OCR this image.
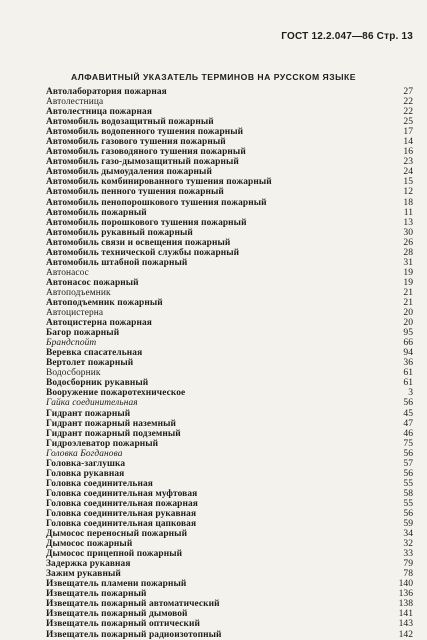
ГОСТ 12.2.047—86 Стр. 13
АЛФАВИТНЫЙ УКАЗАТЕЛЬ ТЕРМИНОВ НА РУССКОМ ЯЗЫКЕ
Автолаборатория пожарная	27
Автолестница	22
Автолестница пожарная	22
Автомобиль водозащитный пожарный	25
Автомобиль водопенного тушения пожарный	17
Автомобиль газового тушения пожарный	14
Автомобиль газоводяного тушения пожарный	16
Автомобиль газо-дымозащитный пожарный	23
Автомобиль дымоудаления пожарный	24
Автомобиль комбинированного тушения пожарный	15
Автомобиль пенного тушения пожарный	12
Автомобиль пенопорошкового тушения пожарный	18
Автомобиль пожарный	11
Автомобиль порошкового тушения пожарный	13
Автомобиль рукавный пожарный	30
Автомобиль связи и освещения пожарный	26
Автомобиль технической службы пожарный	28
Автомобиль штабной пожарный	31
Автонасос	19
Автонасос пожарный	19
Автоподъемник	21
Автоподъемник пожарный	21
Автоцистерна	20
Автоцистерна пожарная	20
Багор пожарный	95
Брандспойт	66
Веревка спасательная	94
Вертолет пожарный	36
Водосборник	61
Водосборник рукавный	61
Вооружение пожаротехническое	3
Гайка соединительная	56
Гидрант пожарный	45
Гидрант пожарный наземный	47
Гидрант пожарный подземный	46
Гидроэлеватор пожарный	75
Головка Богданова	56
Головка-заглушка	57
Головка рукавная	56
Головка соединительная	55
Головка соединительная муфтовая	58
Головка соединительная пожарная	55
Головка соединительная рукавная	56
Головка соединительная цапковая	59
Дымосос переносный пожарный	34
Дымосос пожарный	32
Дымосос прицепной пожарный	33
Задержка рукавная	79
Зажим рукавный	78
Извещатель пламени пожарный	140
Извещатель пожарный	136
Извещатель пожарный автоматический	138
Извещатель пожарный дымовой	141
Извещатель пожарный оптический	143
Извещатель пожарный радиоизотопный	142
